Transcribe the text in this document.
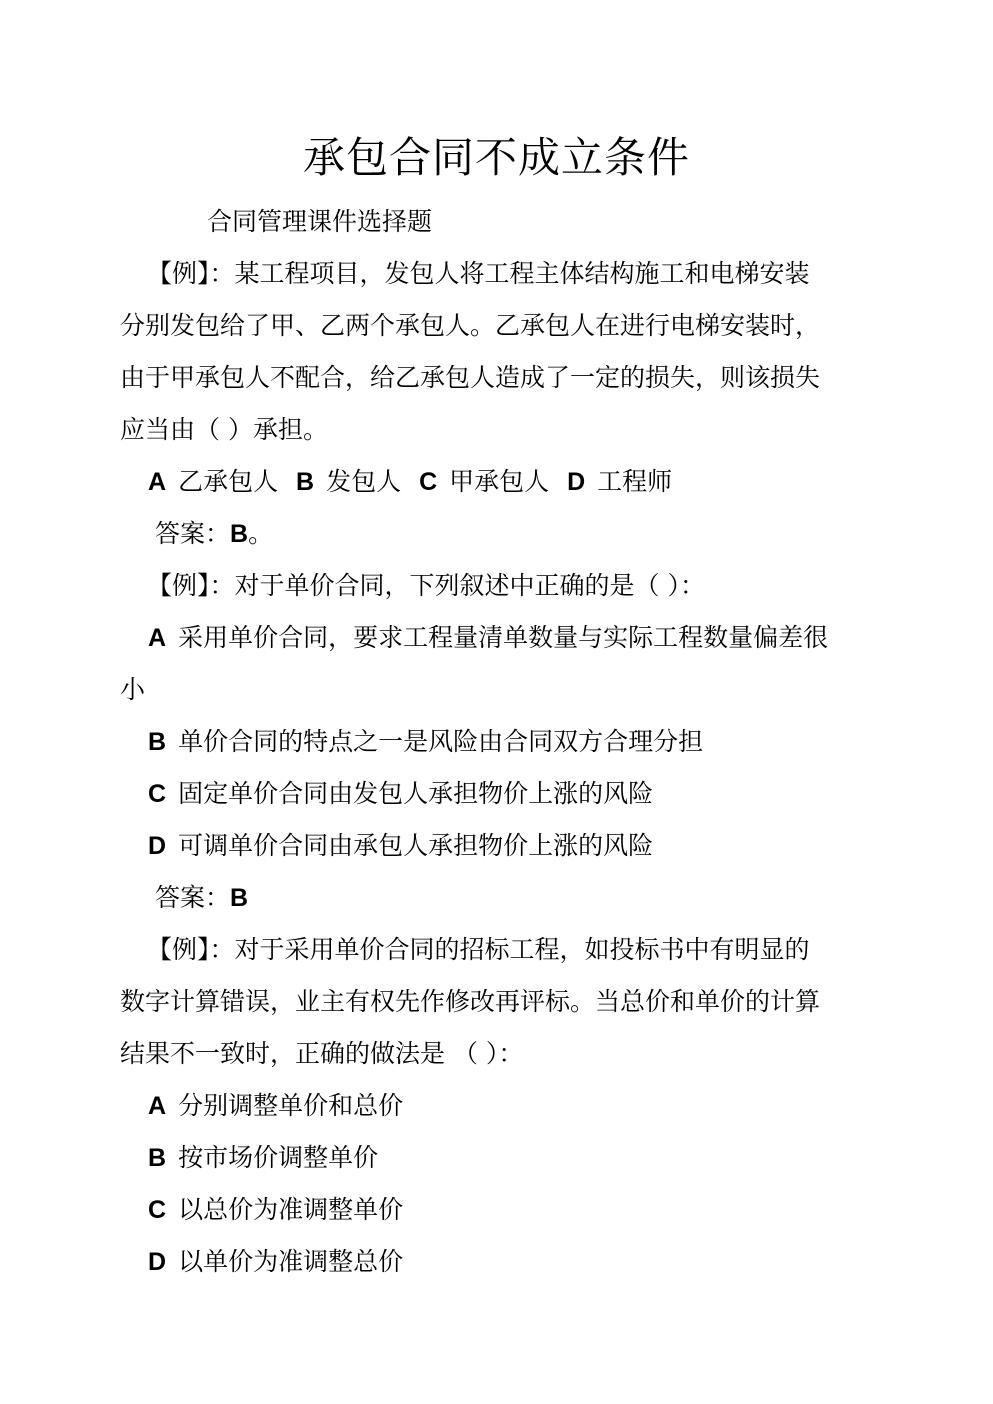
承包合同不成立条件
合同管理课件选择题
【例】：某工程项目，发包人将工程主体结构施工和电梯安装
分别发包给了甲、乙两个承包人。乙承包人在进行电梯安装时，
由于甲承包人不配合，给乙承包人造成了一定的损失，则该损失
应当由（ ）承担。
A 乙承包人 B 发包人 C 甲承包人 D 工程师
答案：B。
【例】：对于单价合同，下列叙述中正确的是（ ）：
A 采用单价合同，要求工程量清单数量与实际工程数量偏差很
小
B 单价合同的特点之一是风险由合同双方合理分担
C 固定单价合同由发包人承担物价上涨的风险
D 可调单价合同由承包人承担物价上涨的风险
答案：B
【例】：对于采用单价合同的招标工程，如投标书中有明显的
数字计算错误，业主有权先作修改再评标。当总价和单价的计算
结果不一致时，正确的做法是 （ ）：
A 分别调整单价和总价
B 按市场价调整单价
C 以总价为准调整单价
D 以单价为准调整总价
